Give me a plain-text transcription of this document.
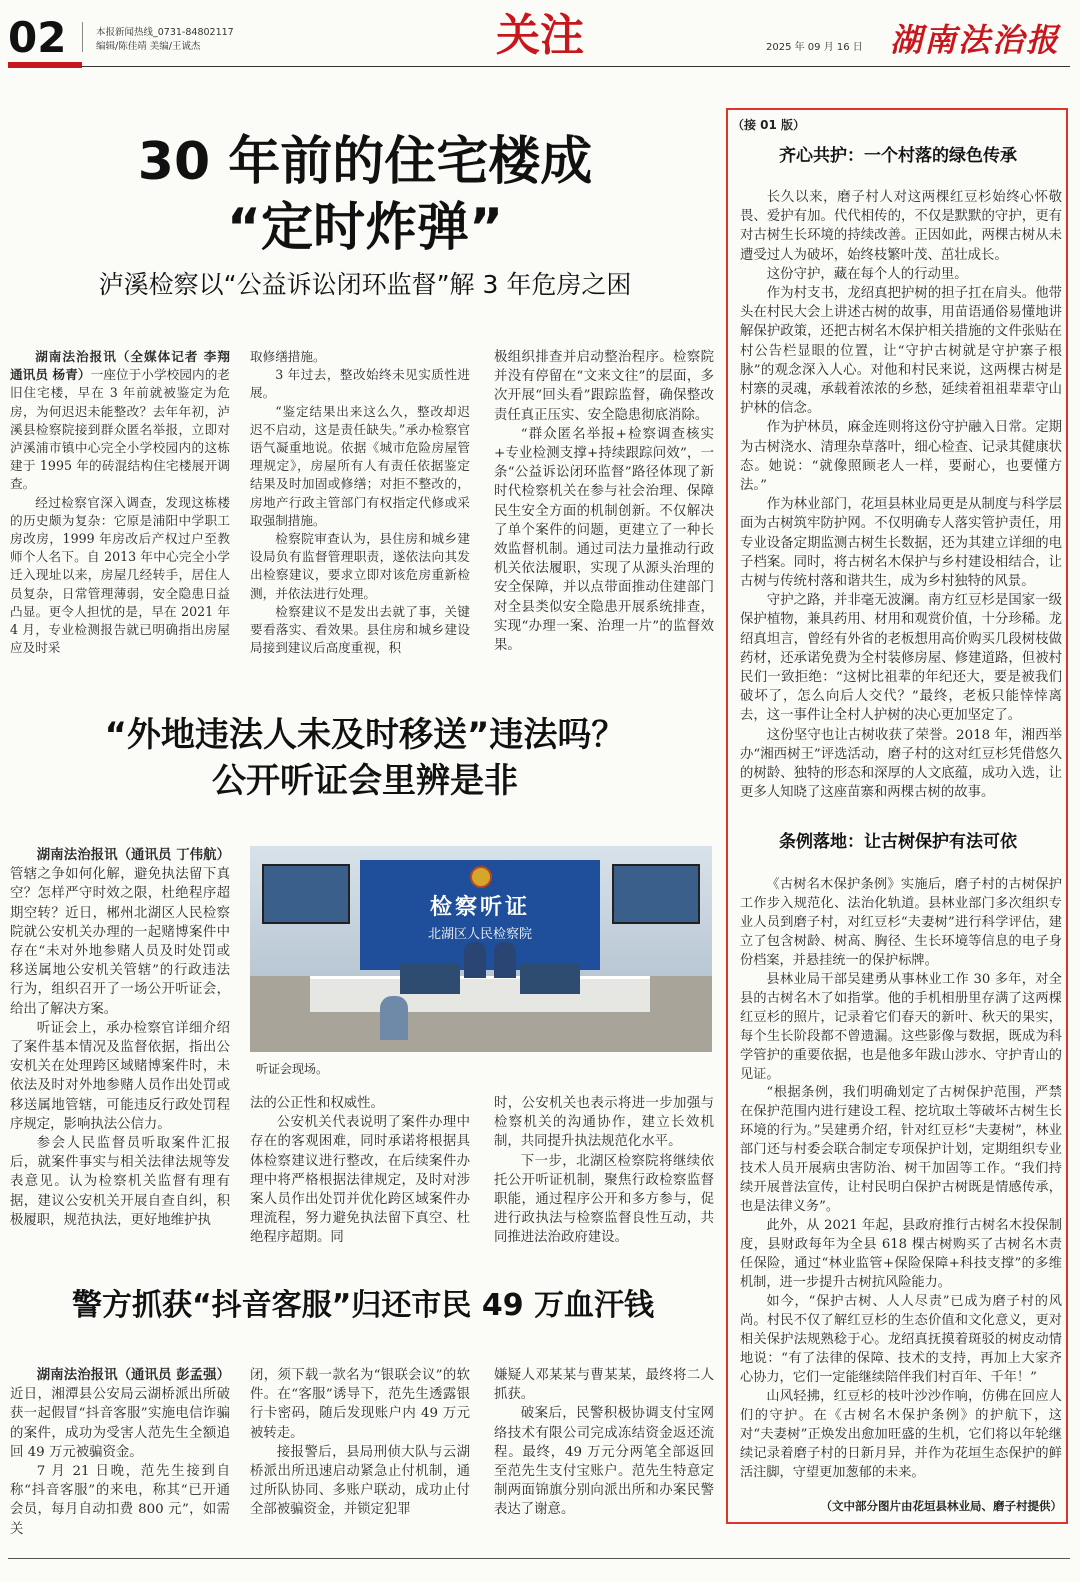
02	本报新闻热线_0731-84802117
编辑/陈佳靖 美编/王诚杰	关注	2025 年 09 月 16 日 湖南法治报
30 年前的住宅楼成
“定时炸弹”
泸溪检察以“公益诉讼闭环监督”解 3 年危房之困

湖南法治报讯（全媒体记者 李翔 通讯员 杨青）一座位于小学校园内的老旧住宅楼，早在 3 年前就被鉴定为危房，为何迟迟未能整改？去年年初，泸溪县检察院接到群众匿名举报，立即对泸溪浦市镇中心完全小学校园内的这栋建于 1995 年的砖混结构住宅楼展开调查。

经过检察官深入调查，发现这栋楼的历史颇为复杂：它原是浦阳中学职工房改房，1999 年房改后产权过户至教师个人名下。自 2013 年中心完全小学迁入现址以来，房屋几经转手，居住人员复杂，日常管理薄弱，安全隐患日益凸显。更令人担忧的是，早在 2021 年 4 月，专业检测报告就已明确指出房屋应及时采

取修缮措施。

3 年过去，整改始终未见实质性进展。

“鉴定结果出来这么久，整改却迟迟不启动，这是责任缺失。”承办检察官语气凝重地说。依据《城市危险房屋管理规定》，房屋所有人有责任依据鉴定结果及时加固或修缮；对拒不整改的，房地产行政主管部门有权指定代修或采取强制措施。

检察院审查认为，县住房和城乡建设局负有监督管理职责，遂依法向其发出检察建议，要求立即对该危房重新检测，并依法进行处理。

检察建议不是发出去就了事，关键要看落实、看效果。县住房和城乡建设局接到建议后高度重视，积

极组织排查并启动整治程序。检察院并没有停留在“文来文往”的层面，多次开展“回头看”跟踪监督，确保整改责任真正压实、安全隐患彻底消除。

“群众匿名举报+检察调查核实+专业检测支撑+持续跟踪问效”，一条“公益诉讼闭环监督”路径体现了新时代检察机关在参与社会治理、保障民生安全方面的机制创新。不仅解决了单个案件的问题，更建立了一种长效监督机制。通过司法力量推动行政机关依法履职，实现了从源头治理的安全保障，并以点带面推动住建部门对全县类似安全隐患开展系统排查，实现“办理一案、治理一片”的监督效果。

“外地违法人未及时移送”违法吗？
公开听证会里辨是非

湖南法治报讯（通讯员 丁伟航）管辖之争如何化解，避免执法留下真空？怎样严守时效之限，杜绝程序超期空转？近日，郴州北湖区人民检察院就公安机关办理的一起赌博案件中存在“未对外地参赌人员及时处罚或移送属地公安机关管辖”的行政违法行为，组织召开了一场公开听证会，给出了解决方案。

听证会上，承办检察官详细介绍了案件基本情况及监督依据，指出公安机关在处理跨区域赌博案件时，未依法及时对外地参赌人员作出处罚或移送属地管辖，可能违反行政处罚程序规定，影响执法公信力。

参会人民监督员听取案件汇报后，就案件事实与相关法律法规等发表意见。认为检察机关监督有理有据，建议公安机关开展自查自纠，积极履职，规范执法，更好地维护执

检察听证
北湖区人民检察院
听证会现场。

法的公正性和权威性。

公安机关代表说明了案件办理中存在的客观困难，同时承诺将根据具体检察建议进行整改，在后续案件办理中将严格根据法律规定，及时对涉案人员作出处罚并优化跨区域案件办理流程，努力避免执法留下真空、杜绝程序超期。同

时，公安机关也表示将进一步加强与检察机关的沟通协作，建立长效机制，共同提升执法规范化水平。

下一步，北湖区检察院将继续依托公开听证机制，聚焦行政检察监督职能，通过程序公开和多方参与，促进行政执法与检察监督良性互动，共同推进法治政府建设。

警方抓获“抖音客服”归还市民 49 万血汗钱

湖南法治报讯（通讯员 彭孟强）近日，湘潭县公安局云湖桥派出所破获一起假冒“抖音客服”实施电信诈骗的案件，成功为受害人范先生全额追回 49 万元被骗资金。

7 月 21 日晚，范先生接到自称“抖音客服”的来电，称其“已开通会员，每月自动扣费 800 元”，如需关

闭，须下载一款名为“银联会议”的软件。在“客服”诱导下，范先生透露银行卡密码，随后发现账户内 49 万元被转走。

接报警后，县局刑侦大队与云湖桥派出所迅速启动紧急止付机制，通过所队协同、多账户联动，成功止付全部被骗资金，并锁定犯罪

嫌疑人邓某某与曹某某，最终将二人抓获。

破案后，民警积极协调支付宝网络技术有限公司完成冻结资金返还流程。最终，49 万元分两笔全部返回至范先生支付宝账户。范先生特意定制两面锦旗分别向派出所和办案民警表达了谢意。

（接 01 版）
齐心共护：一个村落的绿色传承

长久以来，磨子村人对这两棵红豆杉始终心怀敬畏、爱护有加。代代相传的，不仅是默默的守护，更有对古树生长环境的持续改善。正因如此，两棵古树从未遭受过人为破坏，始终枝繁叶茂、茁壮成长。

这份守护，藏在每个人的行动里。

作为村支书，龙绍真把护树的担子扛在肩头。他带头在村民大会上讲述古树的故事，用苗语通俗易懂地讲解保护政策，还把古树名木保护相关措施的文件张贴在村公告栏显眼的位置，让“守护古树就是守护寨子根脉”的观念深入人心。对他和村民来说，这两棵古树是村寨的灵魂，承载着浓浓的乡愁，延续着祖祖辈辈守山护林的信念。

作为护林员，麻金连则将这份守护融入日常。定期为古树浇水、清理杂草落叶，细心检查、记录其健康状态。她说：“就像照顾老人一样，要耐心，也要懂方法。”

作为林业部门，花垣县林业局更是从制度与科学层面为古树筑牢防护网。不仅明确专人落实管护责任，用专业设备定期监测古树生长数据，还为其建立详细的电子档案。同时，将古树名木保护与乡村建设相结合，让古树与传统村落和谐共生，成为乡村独特的风景。

守护之路，并非毫无波澜。南方红豆杉是国家一级保护植物，兼具药用、材用和观赏价值，十分珍稀。龙绍真坦言，曾经有外省的老板想用高价购买几段树枝做药材，还承诺免费为全村装修房屋、修建道路，但被村民们一致拒绝：“这树比祖辈的年纪还大，要是被我们破坏了，怎么向后人交代？”最终，老板只能悻悻离去，这一事件让全村人护树的决心更加坚定了。

这份坚守也让古树收获了荣誉。2018 年，湘西举办“湘西树王”评选活动，磨子村的这对红豆杉凭借悠久的树龄、独特的形态和深厚的人文底蕴，成功入选，让更多人知晓了这座苗寨和两棵古树的故事。

条例落地：让古树保护有法可依

《古树名木保护条例》实施后，磨子村的古树保护工作步入规范化、法治化轨道。县林业部门多次组织专业人员到磨子村，对红豆杉“夫妻树”进行科学评估，建立了包含树龄、树高、胸径、生长环境等信息的电子身份档案，并悬挂统一的保护标牌。

县林业局干部吴建勇从事林业工作 30 多年，对全县的古树名木了如指掌。他的手机相册里存满了这两棵红豆杉的照片，记录着它们春天的新叶、秋天的果实，每个生长阶段都不曾遗漏。这些影像与数据，既成为科学管护的重要依据，也是他多年跋山涉水、守护青山的见证。

“根据条例，我们明确划定了古树保护范围，严禁在保护范围内进行建设工程、挖坑取土等破坏古树生长环境的行为。”吴建勇介绍，针对红豆杉“夫妻树”，林业部门还与村委会联合制定专项保护计划，定期组织专业技术人员开展病虫害防治、树干加固等工作。“我们持续开展普法宣传，让村民明白保护古树既是情感传承，也是法律义务”。

此外，从 2021 年起，县政府推行古树名木投保制度，县财政每年为全县 618 棵古树购买了古树名木责任保险，通过“林业监管+保险保障+科技支撑”的多维机制，进一步提升古树抗风险能力。

如今，“保护古树、人人尽责”已成为磨子村的风尚。村民不仅了解红豆杉的生态价值和文化意义，更对相关保护法规熟稔于心。龙绍真抚摸着斑驳的树皮动情地说：“有了法律的保障、技术的支持，再加上大家齐心协力，它们一定能继续陪伴我们村百年、千年！”

山风轻拂，红豆杉的枝叶沙沙作响，仿佛在回应人们的守护。在《古树名木保护条例》的护航下，这对“夫妻树”正焕发出愈加旺盛的生机，它们将以年轮继续记录着磨子村的日新月异，并作为花垣生态保护的鲜活注脚，守望更加葱郁的未来。

（文中部分图片由花垣县林业局、磨子村提供）
